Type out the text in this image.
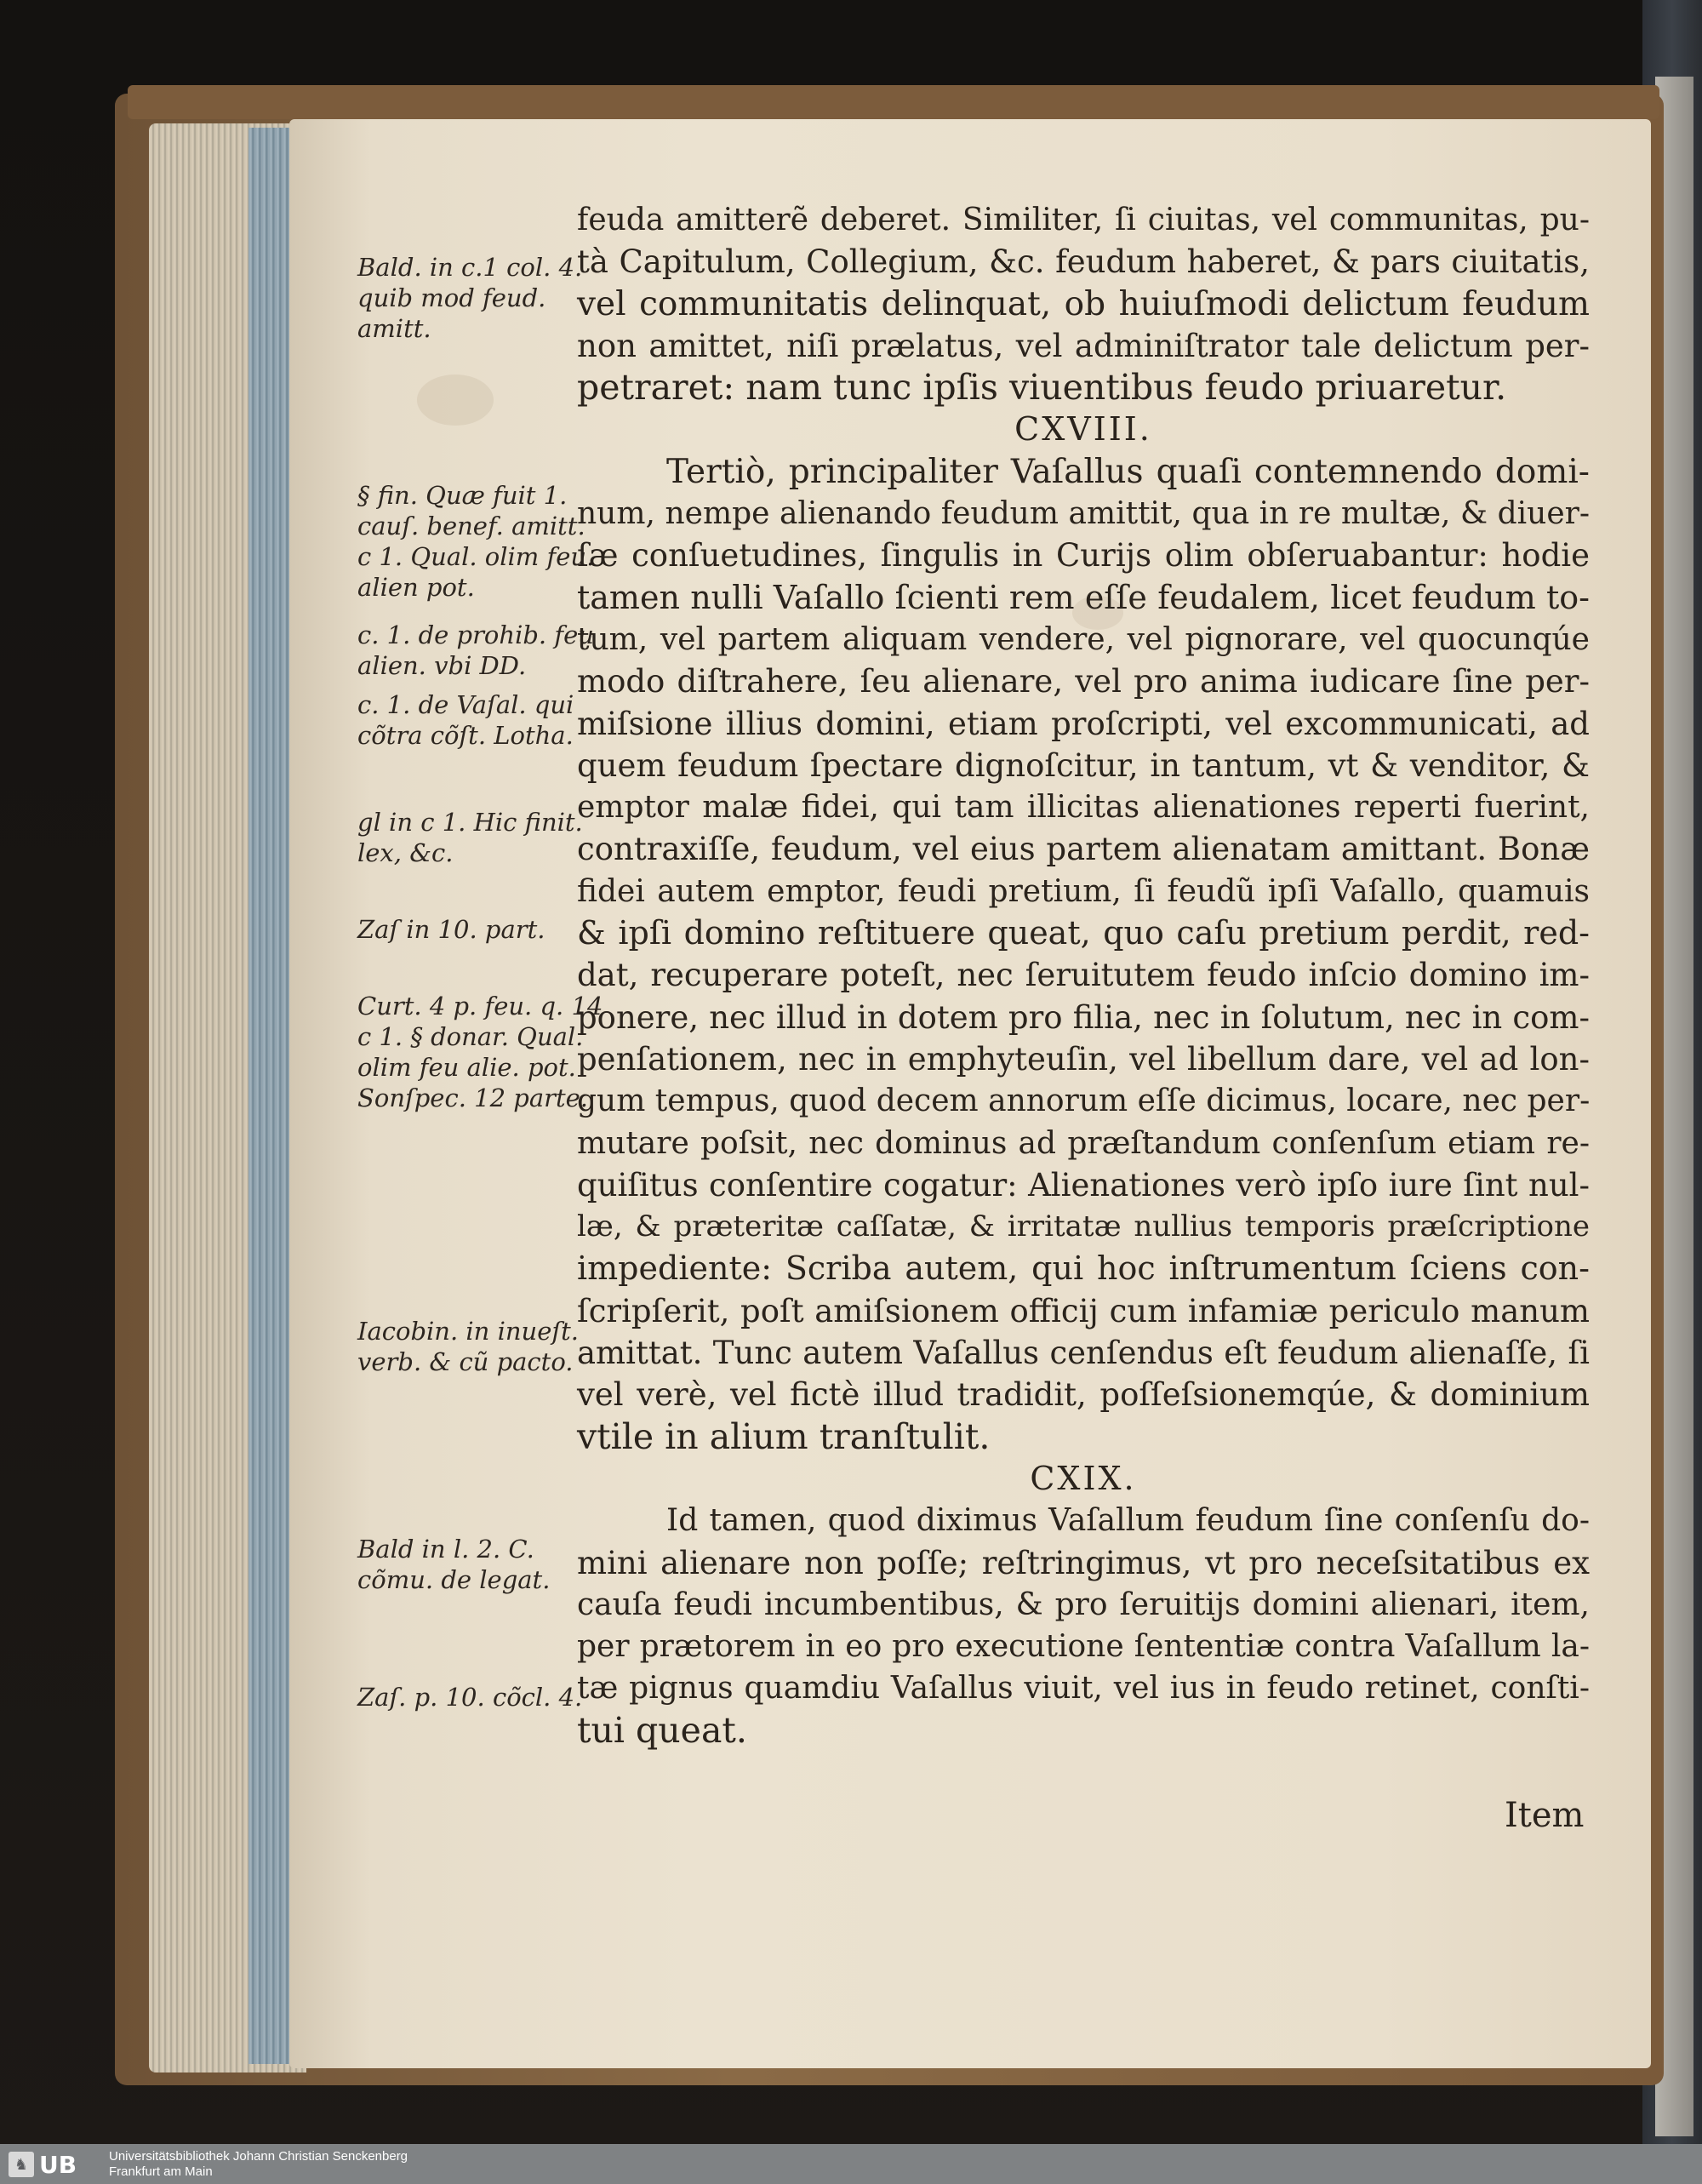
Bald. in c.1 col. 4.
quib mod feud.
amitt.
§ fin. Quæ fuit 1.
cauſ. benef. amitt.
c 1. Qual. olim feu.
alien pot.
c. 1. de prohib. feu
alien. vbi DD.
c. 1. de Vaſal. qui
cõtra cõſt. Lotha.
gl in c 1. Hic finit.
lex, &c.
Zaſ in 10. part.
Curt. 4 p. feu. q. 14
c 1. § donar. Qual.
olim feu alie. pot.
Sonſpec. 12 parte.
Iacobin. in inueſt.
verb. & cũ pacto.
Bald in l. 2. C.
cõmu. de legat.
Zaſ. p. 10. cõcl. 4.

feuda amitterẽ deberet. Similiter, ſi ciuitas, vel communitas, pu-
tà Capitulum, Collegium, &c. feudum haberet, & pars ciuitatis,
vel communitatis delinquat, ob huiuſmodi delictum feudum
non amittet, niſi prælatus, vel adminiſtrator tale delictum per-
petraret: nam tunc ipſis viuentibus feudo priuaretur.

CXVIII.

Tertiò, principaliter Vaſallus quaſi contemnendo domi-
num, nempe alienando feudum amittit, qua in re multæ, & diuer-
ſæ conſuetudines, ſingulis in Curijs olim obſeruabantur: hodie
tamen nulli Vaſallo ſcienti rem eſſe feudalem, licet feudum to-
tum, vel partem aliquam vendere, vel pignorare, vel quocunqúe
modo diſtrahere, ſeu alienare, vel pro anima iudicare ſine per-
miſsione illius domini, etiam proſcripti, vel excommunicati, ad
quem feudum ſpectare dignoſcitur, in tantum, vt & venditor, &
emptor malæ fidei, qui tam illicitas alienationes reperti fuerint,
contraxiſſe, feudum, vel eius partem alienatam amittant. Bonæ
fidei autem emptor, feudi pretium, ſi feudũ ipſi Vaſallo, quamuis
& ipſi domino reſtituere queat, quo caſu pretium perdit, red-
dat, recuperare poteſt, nec ſeruitutem feudo inſcio domino im-
ponere, nec illud in dotem pro filia, nec in ſolutum, nec in com-
penſationem, nec in emphyteuſin, vel libellum dare, vel ad lon-
gum tempus, quod decem annorum eſſe dicimus, locare, nec per-
mutare poſsit, nec dominus ad præſtandum conſenſum etiam re-
quiſitus conſentire cogatur: Alienationes verò ipſo iure ſint nul-
læ, & præteritæ caſſatæ, & irritatæ nullius temporis præſcriptione
impediente: Scriba autem, qui hoc inſtrumentum ſciens con-
ſcripſerit, poſt amiſsionem officij cum infamiæ periculo manum
amittat. Tunc autem Vaſallus cenſendus eſt feudum alienaſſe, ſi
vel verè, vel fictè illud tradidit, poſſeſsionemqúe, & dominium
vtile in alium tranſtulit.

CXIX.

Id tamen, quod diximus Vaſallum feudum ſine conſenſu do-
mini alienare non poſſe; reſtringimus, vt pro neceſsitatibus ex
cauſa feudi incumbentibus, & pro ſeruitijs domini alienari, item,
per prætorem in eo pro executione ſententiæ contra Vaſallum la-
tæ pignus quamdiu Vaſallus viuit, vel ius in feudo retinet, conſti-
tui queat.

Item
♞ UB	Universitätsbibliothek Johann Christian Senckenberg
Frankfurt am Main
